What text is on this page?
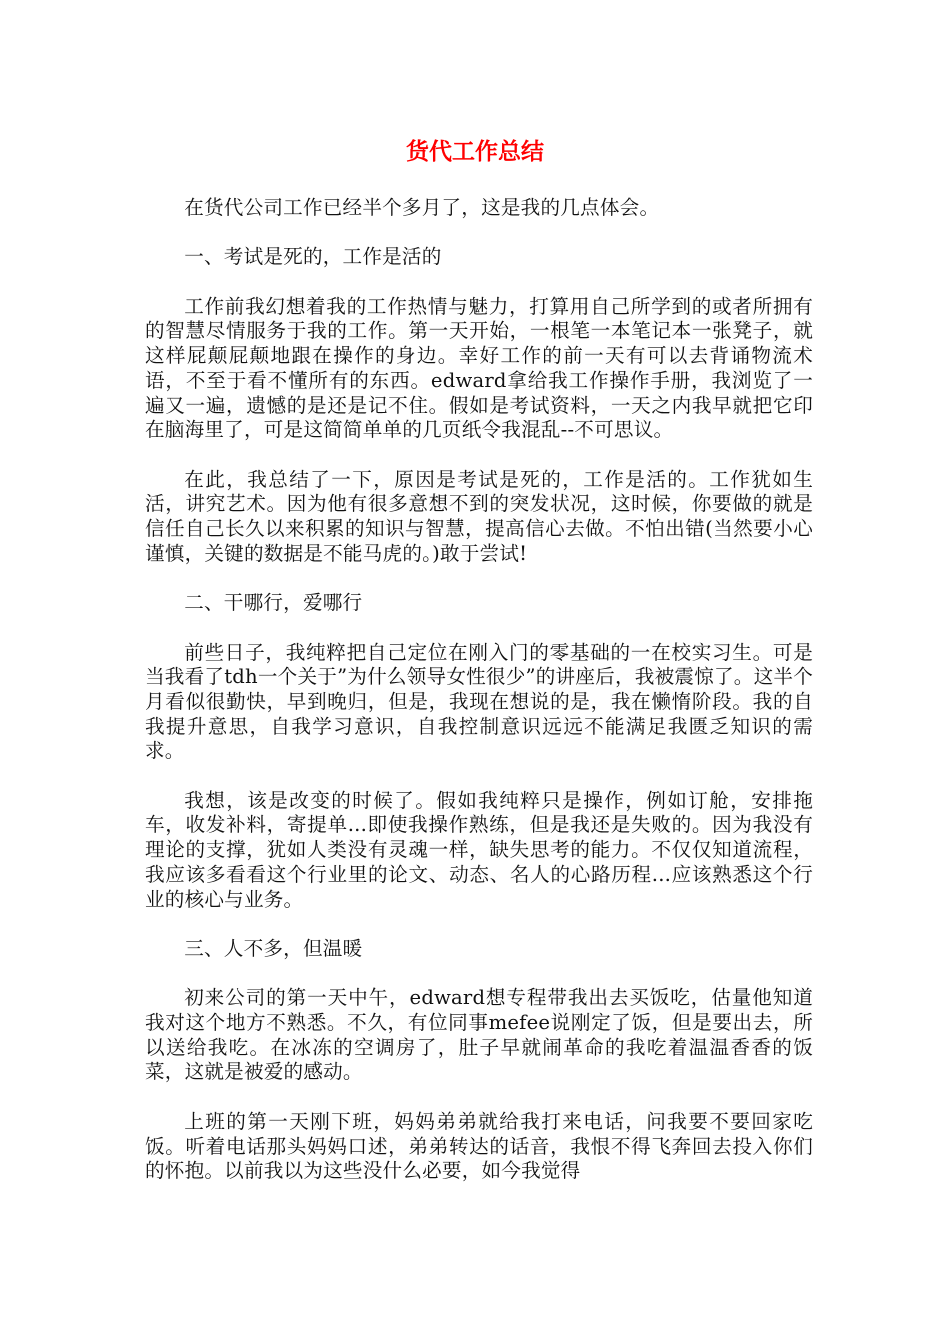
货代工作总结

在货代公司工作已经半个多月了，这是我的几点体会。

一、考试是死的，工作是活的

工作前我幻想着我的工作热情与魅力，打算用自己所学到的或者所拥有的智慧尽情服务于我的工作。第一天开始，一根笔一本笔记本一张凳子，就这样屁颠屁颠地跟在操作的身边。幸好工作的前一天有可以去背诵物流术语，不至于看不懂所有的东西。edward拿给我工作操作手册，我浏览了一遍又一遍，遗憾的是还是记不住。假如是考试资料，一天之内我早就把它印在脑海里了，可是这简简单单的几页纸令我混乱--不可思议。

在此，我总结了一下，原因是考试是死的，工作是活的。工作犹如生活，讲究艺术。因为他有很多意想不到的突发状况，这时候，你要做的就是信任自己长久以来积累的知识与智慧，提高信心去做。不怕出错(当然要小心谨慎，关键的数据是不能马虎的。)敢于尝试!

二、干哪行，爱哪行

前些日子，我纯粹把自己定位在刚入门的零基础的一在校实习生。可是当我看了tdh一个关于”为什么领导女性很少”的讲座后，我被震惊了。这半个月看似很勤快，早到晚归，但是，我现在想说的是，我在懒惰阶段。我的自我提升意思，自我学习意识，自我控制意识远远不能满足我匮乏知识的需求。

我想，该是改变的时候了。假如我纯粹只是操作，例如订舱，安排拖车，收发补料，寄提单...即使我操作熟练，但是我还是失败的。因为我没有理论的支撑，犹如人类没有灵魂一样，缺失思考的能力。不仅仅知道流程，我应该多看看这个行业里的论文、动态、名人的心路历程...应该熟悉这个行业的核心与业务。

三、人不多，但温暖

初来公司的第一天中午，edward想专程带我出去买饭吃，估量他知道我对这个地方不熟悉。不久，有位同事mefee说刚定了饭，但是要出去，所以送给我吃。在冰冻的空调房了，肚子早就闹革命的我吃着温温香香的饭菜，这就是被爱的感动。

上班的第一天刚下班，妈妈弟弟就给我打来电话，问我要不要回家吃饭。听着电话那头妈妈口述，弟弟转达的话音，我恨不得飞奔回去投入你们的怀抱。以前我以为这些没什么必要，如今我觉得
